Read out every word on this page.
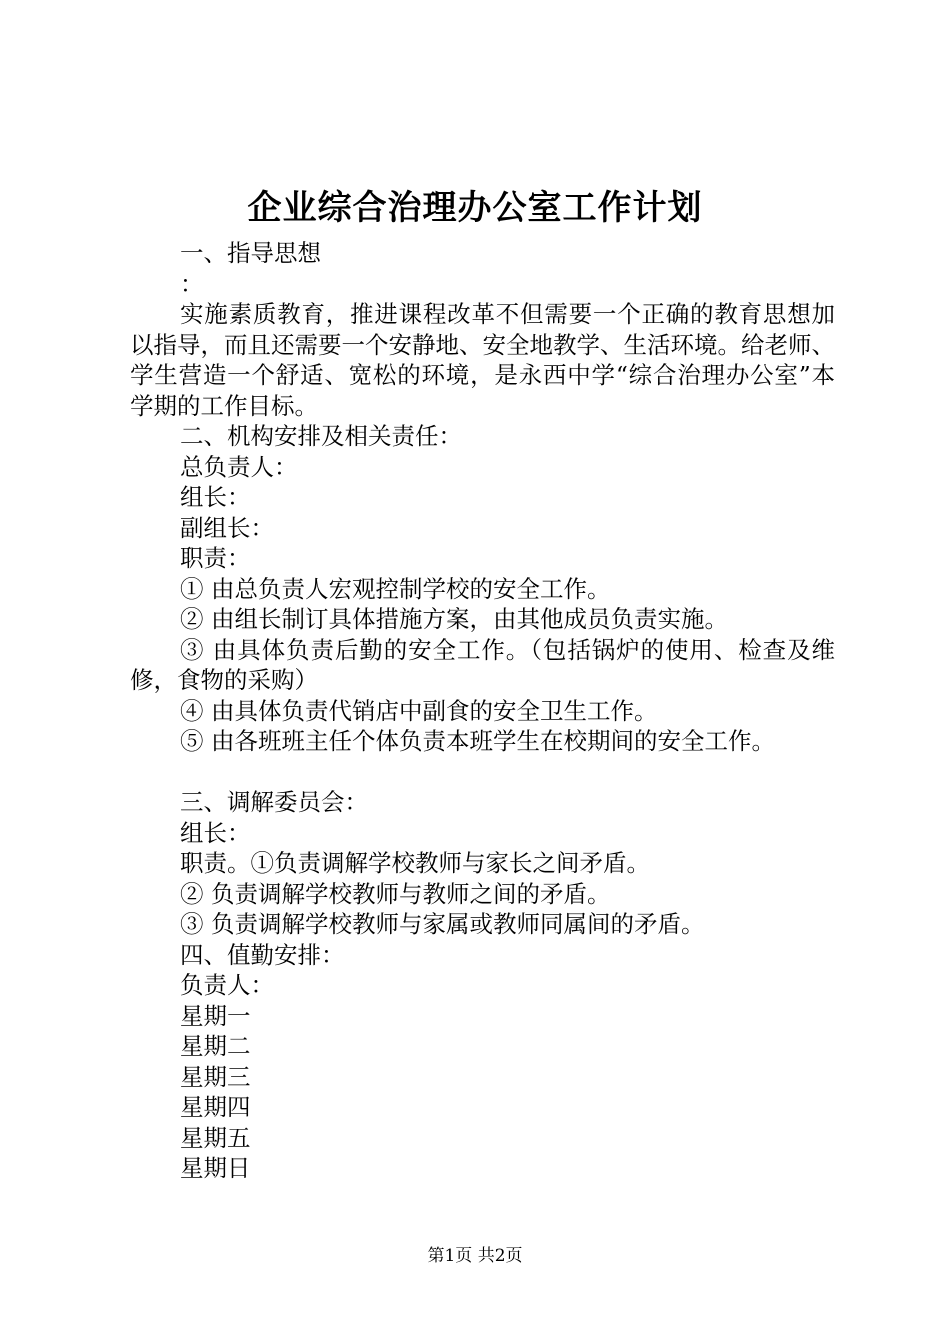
企业综合治理办公室工作计划

一、指导思想

：

实施素质教育，推进课程改革不但需要一个正确的教育思想加以指导，而且还需要一个安静地、安全地教学、生活环境。给老师、学生营造一个舒适、宽松的环境，是永西中学“综合治理办公室”本学期的工作目标。

二、机构安排及相关责任：

总负责人：

组长：

副组长：

职责：

① 由总负责人宏观控制学校的安全工作。

② 由组长制订具体措施方案，由其他成员负责实施。

③ 由具体负责后勤的安全工作。（包括锅炉的使用、检查及维修，食物的采购）

④ 由具体负责代销店中副食的安全卫生工作。

⑤ 由各班班主任个体负责本班学生在校期间的安全工作。

三、调解委员会：

组长：

职责。①负责调解学校教师与家长之间矛盾。

② 负责调解学校教师与教师之间的矛盾。

③ 负责调解学校教师与家属或教师同属间的矛盾。

四、值勤安排：

负责人：

星期一

星期二

星期三

星期四

星期五

星期日

第1页 共2页
